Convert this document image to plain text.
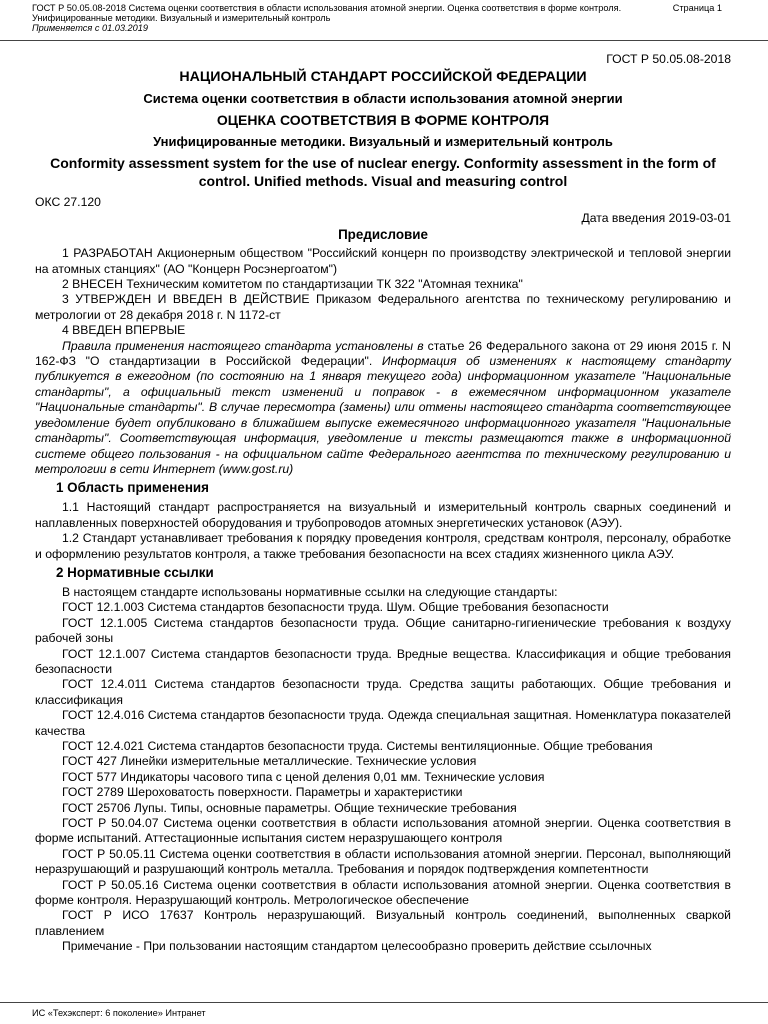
ГОСТ Р 50.05.08-2018 Система оценки соответствия в области использования атомной энергии. Оценка соответствия в форме контроля.	Страница 1
Унифицированные методики. Визуальный и измерительный контроль
Применяется с 01.03.2019
ГОСТ Р 50.05.08-2018
НАЦИОНАЛЬНЫЙ СТАНДАРТ РОССИЙСКОЙ ФЕДЕРАЦИИ
Система оценки соответствия в области использования атомной энергии
ОЦЕНКА СООТВЕТСТВИЯ В ФОРМЕ КОНТРОЛЯ
Унифицированные методики. Визуальный и измерительный контроль
Conformity assessment system for the use of nuclear energy. Conformity assessment in the form of control. Unified methods. Visual and measuring control
ОКС 27.120
Дата введения 2019-03-01
Предисловие
1 РАЗРАБОТАН Акционерным обществом "Российский концерн по производству электрической и тепловой энергии на атомных станциях" (АО "Концерн Росэнергоатом")
2 ВНЕСЕН Техническим комитетом по стандартизации ТК 322 "Атомная техника"
3 УТВЕРЖДЕН И ВВЕДЕН В ДЕЙСТВИЕ Приказом Федерального агентства по техническому регулированию и метрологии от 28 декабря 2018 г. N 1172-ст
4 ВВЕДЕН ВПЕРВЫЕ
Правила применения настоящего стандарта установлены в статье 26 Федерального закона от 29 июня 2015 г. N 162-ФЗ "О стандартизации в Российской Федерации". Информация об изменениях к настоящему стандарту публикуется в ежегодном (по состоянию на 1 января текущего года) информационном указателе "Национальные стандарты", а официальный текст изменений и поправок - в ежемесячном информационном указателе "Национальные стандарты". В случае пересмотра (замены) или отмены настоящего стандарта соответствующее уведомление будет опубликовано в ближайшем выпуске ежемесячного информационного указателя "Национальные стандарты". Соответствующая информация, уведомление и тексты размещаются также в информационной системе общего пользования - на официальном сайте Федерального агентства по техническому регулированию и метрологии в сети Интернет (www.gost.ru)
1 Область применения
1.1 Настоящий стандарт распространяется на визуальный и измерительный контроль сварных соединений и наплавленных поверхностей оборудования и трубопроводов атомных энергетических установок (АЭУ).
1.2 Стандарт устанавливает требования к порядку проведения контроля, средствам контроля, персоналу, обработке и оформлению результатов контроля, а также требования безопасности на всех стадиях жизненного цикла АЭУ.
2 Нормативные ссылки
В настоящем стандарте использованы нормативные ссылки на следующие стандарты:
ГОСТ 12.1.003 Система стандартов безопасности труда. Шум. Общие требования безопасности
ГОСТ 12.1.005 Система стандартов безопасности труда. Общие санитарно-гигиенические требования к воздуху рабочей зоны
ГОСТ 12.1.007 Система стандартов безопасности труда. Вредные вещества. Классификация и общие требования безопасности
ГОСТ 12.4.011 Система стандартов безопасности труда. Средства защиты работающих. Общие требования и классификация
ГОСТ 12.4.016 Система стандартов безопасности труда. Одежда специальная защитная. Номенклатура показателей качества
ГОСТ 12.4.021 Система стандартов безопасности труда. Системы вентиляционные. Общие требования
ГОСТ 427 Линейки измерительные металлические. Технические условия
ГОСТ 577 Индикаторы часового типа с ценой деления 0,01 мм. Технические условия
ГОСТ 2789 Шероховатость поверхности. Параметры и характеристики
ГОСТ 25706 Лупы. Типы, основные параметры. Общие технические требования
ГОСТ Р 50.04.07 Система оценки соответствия в области использования атомной энергии. Оценка соответствия в форме испытаний. Аттестационные испытания систем неразрушающего контроля
ГОСТ Р 50.05.11 Система оценки соответствия в области использования атомной энергии. Персонал, выполняющий неразрушающий и разрушающий контроль металла. Требования и порядок подтверждения компетентности
ГОСТ Р 50.05.16 Система оценки соответствия в области использования атомной энергии. Оценка соответствия в форме контроля. Неразрушающий контроль. Метрологическое обеспечение
ГОСТ Р ИСО 17637 Контроль неразрушающий. Визуальный контроль соединений, выполненных сваркой плавлением
Примечание - При пользовании настоящим стандартом целесообразно проверить действие ссылочных
ИС «Техэксперт: 6 поколение» Интранет
